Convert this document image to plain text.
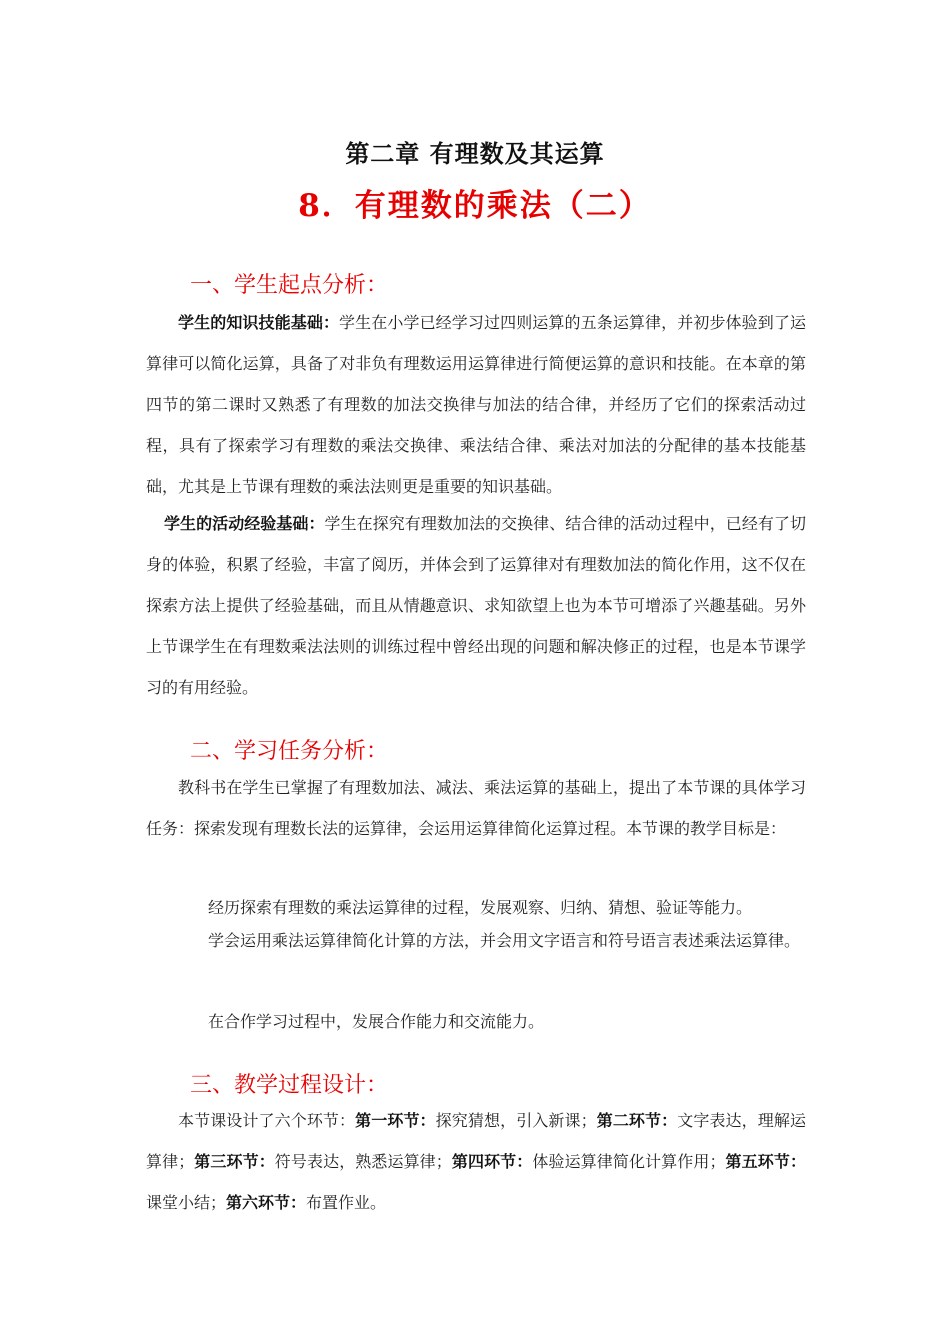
第二章 有理数及其运算
8．有理数的乘法（二）
一、学生起点分析：
学生的知识技能基础：学生在小学已经学习过四则运算的五条运算律，并初步体验到了运算律可以简化运算，具备了对非负有理数运用运算律进行简便运算的意识和技能。在本章的第四节的第二课时又熟悉了有理数的加法交换律与加法的结合律，并经历了它们的探索活动过程，具有了探索学习有理数的乘法交换律、乘法结合律、乘法对加法的分配律的基本技能基础，尤其是上节课有理数的乘法法则更是重要的知识基础。
学生的活动经验基础：学生在探究有理数加法的交换律、结合律的活动过程中，已经有了切身的体验，积累了经验，丰富了阅历，并体会到了运算律对有理数加法的简化作用，这不仅在探索方法上提供了经验基础，而且从情趣意识、求知欲望上也为本节可增添了兴趣基础。另外上节课学生在有理数乘法法则的训练过程中曾经出现的问题和解决修正的过程，也是本节课学习的有用经验。
二、学习任务分析：
教科书在学生已掌握了有理数加法、减法、乘法运算的基础上，提出了本节课的具体学习任务：探索发现有理数长法的运算律，会运用运算律简化运算过程。本节课的教学目标是：
经历探索有理数的乘法运算律的过程，发展观察、归纳、猜想、验证等能力。
学会运用乘法运算律简化计算的方法，并会用文字语言和符号语言表述乘法运算律。
在合作学习过程中，发展合作能力和交流能力。
三、教学过程设计：
本节课设计了六个环节：第一环节：探究猜想，引入新课；第二环节：文字表达，理解运算律；第三环节：符号表达，熟悉运算律；第四环节：体验运算律简化计算作用；第五环节：课堂小结；第六环节：布置作业。
